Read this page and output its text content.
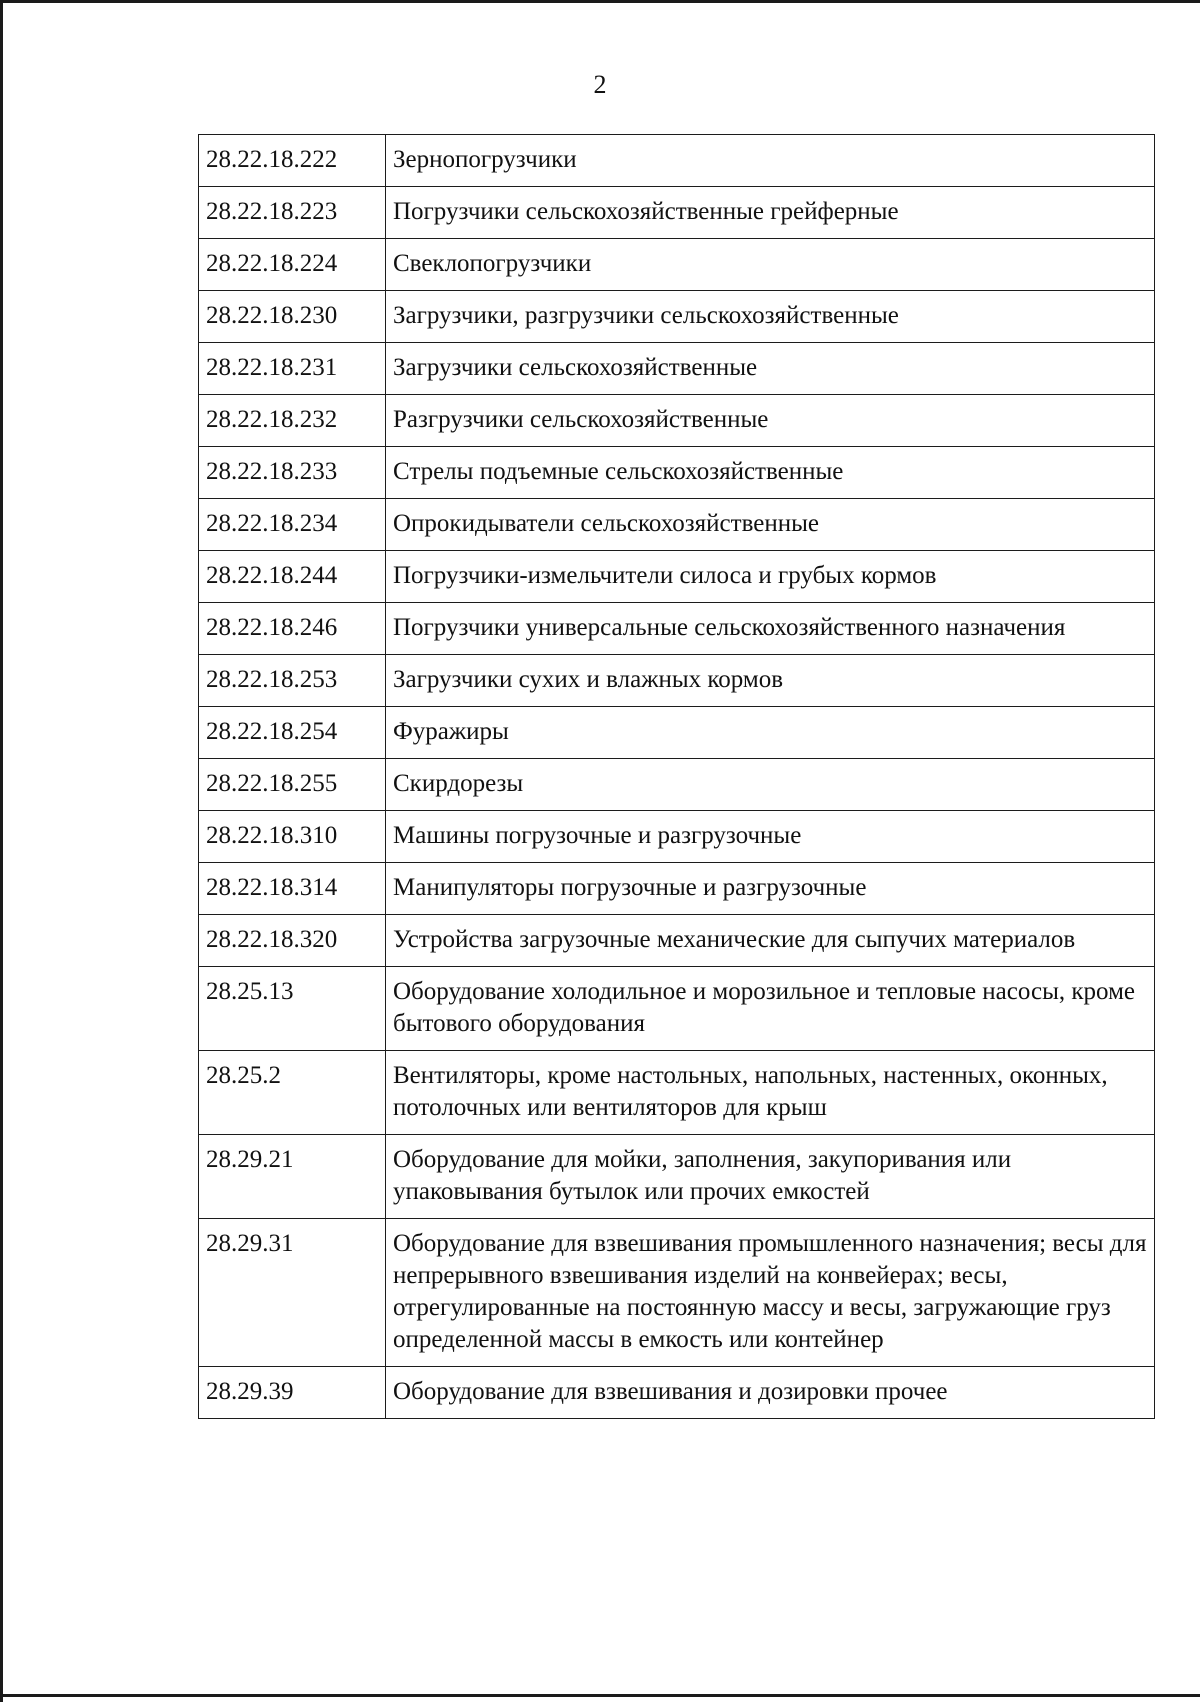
2
28.22.18.222	Зернопогрузчики
28.22.18.223	Погрузчики сельскохозяйственные грейферные
28.22.18.224	Свеклопогрузчики
28.22.18.230	Загрузчики, разгрузчики сельскохозяйственные
28.22.18.231	Загрузчики сельскохозяйственные
28.22.18.232	Разгрузчики сельскохозяйственные
28.22.18.233	Стрелы подъемные сельскохозяйственные
28.22.18.234	Опрокидыватели сельскохозяйственные
28.22.18.244	Погрузчики-измельчители силоса и грубых кормов
28.22.18.246	Погрузчики универсальные сельскохозяйственного назначения
28.22.18.253	Загрузчики сухих и влажных кормов
28.22.18.254	Фуражиры
28.22.18.255	Скирдорезы
28.22.18.310	Машины погрузочные и разгрузочные
28.22.18.314	Манипуляторы погрузочные и разгрузочные
28.22.18.320	Устройства загрузочные механические для сыпучих материалов
28.25.13	Оборудование холодильное и морозильное и тепловые насосы, кроме бытового оборудования
28.25.2	Вентиляторы, кроме настольных, напольных, настенных, оконных, потолочных или вентиляторов для крыш
28.29.21	Оборудование для мойки, заполнения, закупоривания или упаковывания бутылок или прочих емкостей
28.29.31	Оборудование для взвешивания промышленного назначения; весы для непрерывного взвешивания изделий на конвейерах; весы, отрегулированные на постоянную массу и весы, загружающие груз определенной массы в емкость или контейнер
28.29.39	Оборудование для взвешивания и дозировки прочее
